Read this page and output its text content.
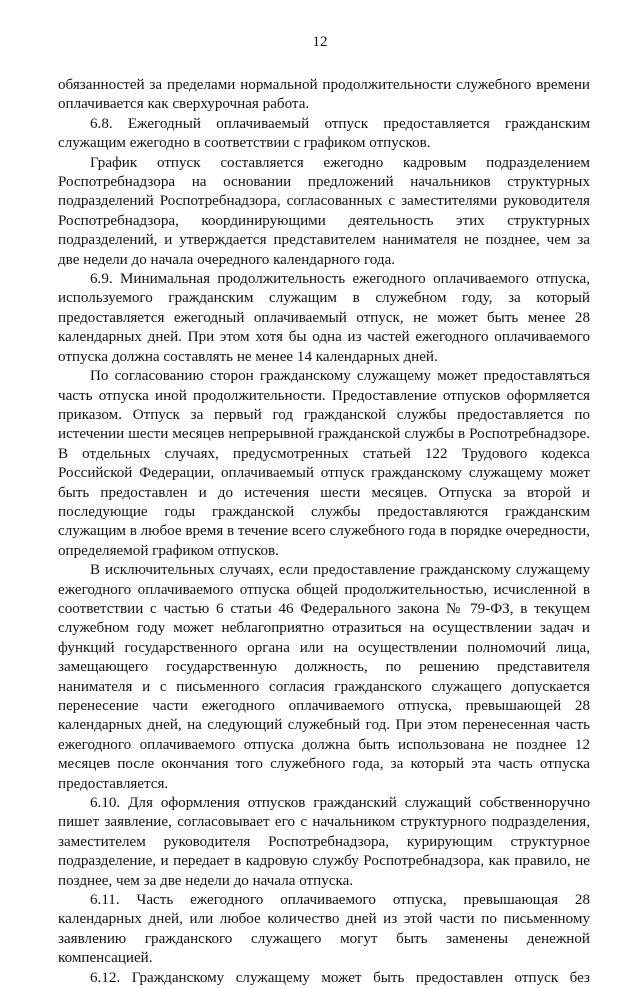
12

обязанностей за пределами нормальной продолжительности служебного времени оплачивается как сверхурочная работа.

6.8. Ежегодный оплачиваемый отпуск предоставляется гражданским служащим ежегодно в соответствии с графиком отпусков.

График отпуск составляется ежегодно кадровым подразделением Роспотребнадзора на основании предложений начальников структурных подразделений Роспотребнадзора, согласованных с заместителями руководителя Роспотребнадзора, координирующими деятельность этих структурных подразделений, и утверждается представителем нанимателя не позднее, чем за две недели до начала очередного календарного года.

6.9. Минимальная продолжительность ежегодного оплачиваемого отпуска, используемого гражданским служащим в служебном году, за который предоставляется ежегодный оплачиваемый отпуск, не может быть менее 28 календарных дней. При этом хотя бы одна из частей ежегодного оплачиваемого отпуска должна составлять не менее 14 календарных дней.

По согласованию сторон гражданскому служащему может предоставляться часть отпуска иной продолжительности. Предоставление отпусков оформляется приказом. Отпуск за первый год гражданской службы предоставляется по истечении шести месяцев непрерывной гражданской службы в Роспотребнадзоре. В отдельных случаях, предусмотренных статьей 122 Трудового кодекса Российской Федерации, оплачиваемый отпуск гражданскому служащему может быть предоставлен и до истечения шести месяцев. Отпуска за второй и последующие годы гражданской службы предоставляются гражданским служащим в любое время в течение всего служебного года в порядке очередности, определяемой графиком отпусков.

В исключительных случаях, если предоставление гражданскому служащему ежегодного оплачиваемого отпуска общей продолжительностью, исчисленной в соответствии с частью 6 статьи 46 Федерального закона № 79-ФЗ, в текущем служебном году может неблагоприятно отразиться на осуществлении задач и функций государственного органа или на осуществлении полномочий лица, замещающего государственную должность, по решению представителя нанимателя и с письменного согласия гражданского служащего допускается перенесение части ежегодного оплачиваемого отпуска, превышающей 28 календарных дней, на следующий служебный год. При этом перенесенная часть ежегодного оплачиваемого отпуска должна быть использована не позднее 12 месяцев после окончания того служебного года, за который эта часть отпуска предоставляется.

6.10. Для оформления отпусков гражданский служащий собственноручно пишет заявление, согласовывает его с начальником структурного подразделения, заместителем руководителя Роспотребнадзора, курирующим структурное подразделение, и передает в кадровую службу Роспотребнадзора, как правило, не позднее, чем за две недели до начала отпуска.

6.11. Часть ежегодного оплачиваемого отпуска, превышающая 28 календарных дней, или любое количество дней из этой части по письменному заявлению гражданского служащего могут быть заменены денежной компенсацией.

6.12. Гражданскому служащему может быть предоставлен отпуск без
